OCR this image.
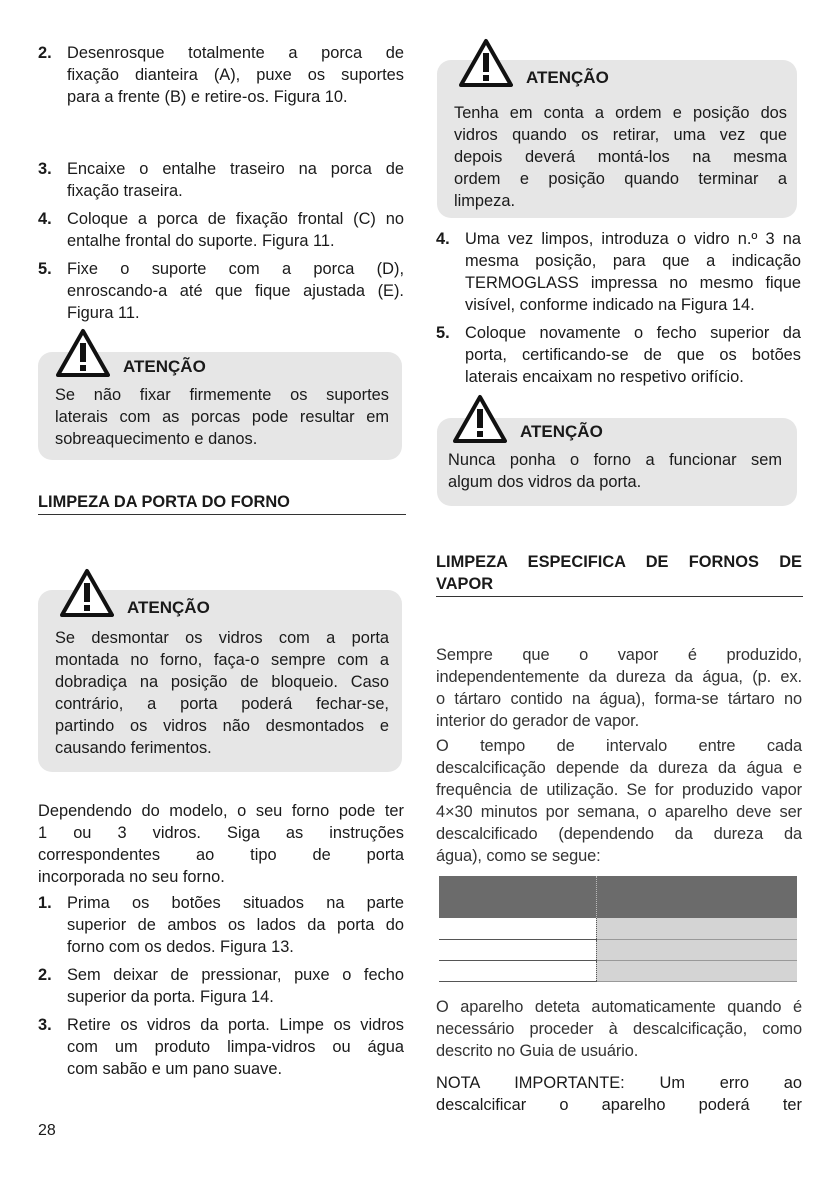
2. Desenrosque totalmente a porca de
fixação dianteira (A), puxe os suportes
para a frente (B) e retire-os. Figura 10.
3. Encaixe o entalhe traseiro na porca de
fixação traseira.
4. Coloque a porca de fixação frontal (C) no
entalhe frontal do suporte. Figura 11.
5. Fixe o suporte com a porca (D),
enroscando-a até que fique ajustada (E).
Figura 11.
ATENÇÃO
Se não fixar firmemente os suportes
laterais com as porcas pode resultar em
sobreaquecimento e danos.
LIMPEZA DA PORTA DO FORNO
ATENÇÃO
Se desmontar os vidros com a porta
montada no forno, faça-o sempre com a
dobradiça na posição de bloqueio. Caso
contrário, a porta poderá fechar-se,
partindo os vidros não desmontados e
causando ferimentos.
Dependendo do modelo, o seu forno pode ter
1 ou 3 vidros. Siga as instruções
correspondentes ao tipo de porta
incorporada no seu forno.
1. Prima os botões situados na parte
superior de ambos os lados da porta do
forno com os dedos. Figura 13.
2. Sem deixar de pressionar, puxe o fecho
superior da porta. Figura 14.
3. Retire os vidros da porta. Limpe os vidros
com um produto limpa-vidros ou água
com sabão e um pano suave.
28
ATENÇÃO
Tenha em conta a ordem e posição dos
vidros quando os retirar, uma vez que
depois deverá montá-los na mesma
ordem e posição quando terminar a
limpeza.
4. Uma vez limpos, introduza o vidro n.º 3 na
mesma posição, para que a indicação
TERMOGLASS impressa no mesmo fique
visível, conforme indicado na Figura 14.
5. Coloque novamente o fecho superior da
porta, certificando-se de que os botões
laterais encaixam no respetivo orifício.
ATENÇÃO
Nunca ponha o forno a funcionar sem
algum dos vidros da porta.
LIMPEZA ESPECIFICA DE FORNOS DE
VAPOR
Sempre que o vapor é produzido,
independentemente da dureza da água, (p. ex.
o tártaro contido na água), forma-se tártaro no
interior do gerador de vapor.
O tempo de intervalo entre cada
descalcificação depende da dureza da água e
frequência de utilização. Se for produzido vapor
4×30 minutos por semana, o aparelho deve ser
descalcificado (dependendo da dureza da
água), como se segue:

O aparelho deteta automaticamente quando é
necessário proceder à descalcificação, como
descrito no Guia de usuário.
NOTA IMPORTANTE: Um erro ao
descalcificar o aparelho poderá ter
